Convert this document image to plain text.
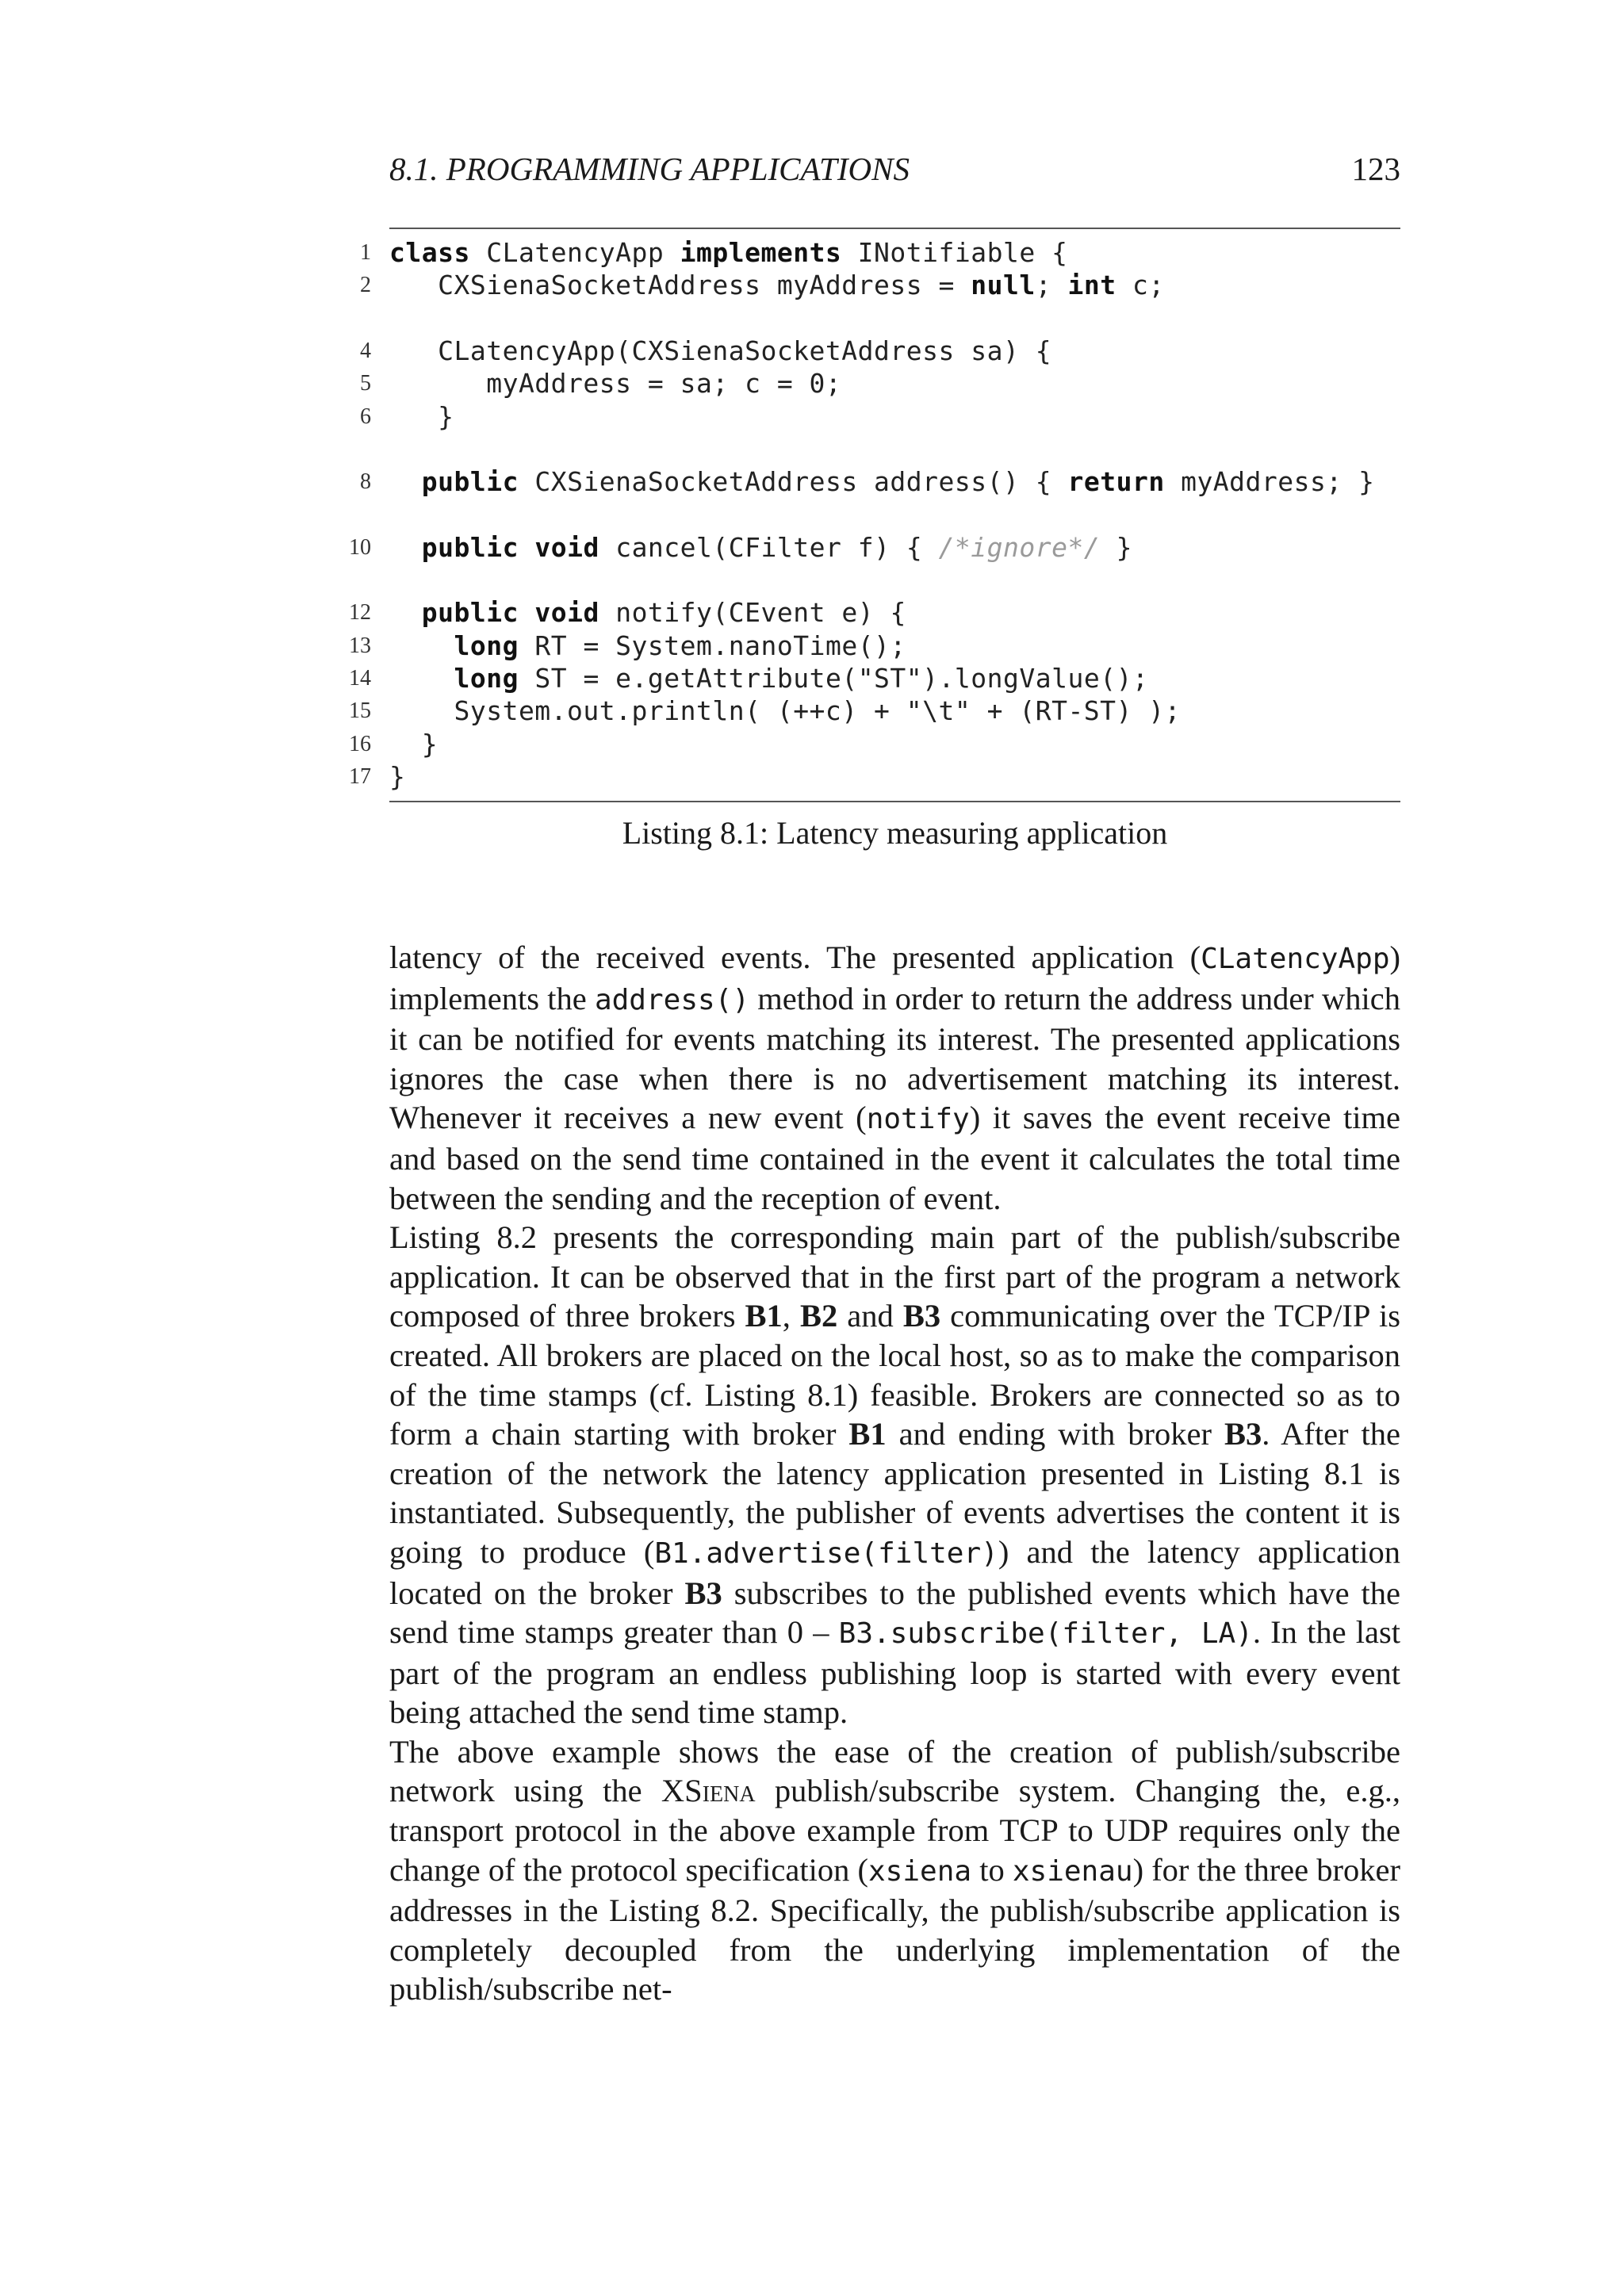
8.1. PROGRAMMING APPLICATIONS	123
1 class CLatencyApp implements INotifiable {
2 CXSienaSocketAddress myAddress = null; int c;
4 CLatencyApp(CXSienaSocketAddress sa) {
5 myAddress = sa; c = 0;
6 }
8	public CXSienaSocketAddress address() { return myAddress; }
10	public void cancel(CFilter f) { /*ignore*/ }
12	public void notify(CEvent e) {
13	long RT = System.nanoTime();
14	long ST = e.getAttribute("ST").longValue();
15 System.out.println( (++c) + "\t" + (RT-ST) );
16 }
17 }
Listing 8.1: Latency measuring application

latency of the received events. The presented application (CLatencyApp) implements the address() method in order to return the address under which it can be notified for events matching its interest. The presented applications ignores the case when there is no advertisement matching its interest. Whenever it receives a new event (notify) it saves the event receive time and based on the send time contained in the event it calculates the total time between the sending and the reception of event.

Listing 8.2 presents the corresponding main part of the publish/subscribe application. It can be observed that in the first part of the program a network composed of three brokers B1, B2 and B3 communicating over the TCP/IP is created. All brokers are placed on the local host, so as to make the comparison of the time stamps (cf. Listing 8.1) feasible. Brokers are connected so as to form a chain starting with broker B1 and ending with broker B3. After the creation of the network the latency application presented in Listing 8.1 is instantiated. Subsequently, the publisher of events advertises the content it is going to produce (B1.advertise(filter)) and the latency application located on the broker B3 subscribes to the published events which have the send time stamps greater than 0 – B3.subscribe(filter, LA). In the last part of the program an endless publishing loop is started with every event being attached the send time stamp.

The above example shows the ease of the creation of publish/subscribe network using the XSiena publish/subscribe system. Changing the, e.g., transport protocol in the above example from TCP to UDP requires only the change of the protocol specification (xsiena to xsienau) for the three broker addresses in the Listing 8.2. Specifically, the publish/subscribe application is completely decoupled from the underlying implementation of the publish/subscribe net-
